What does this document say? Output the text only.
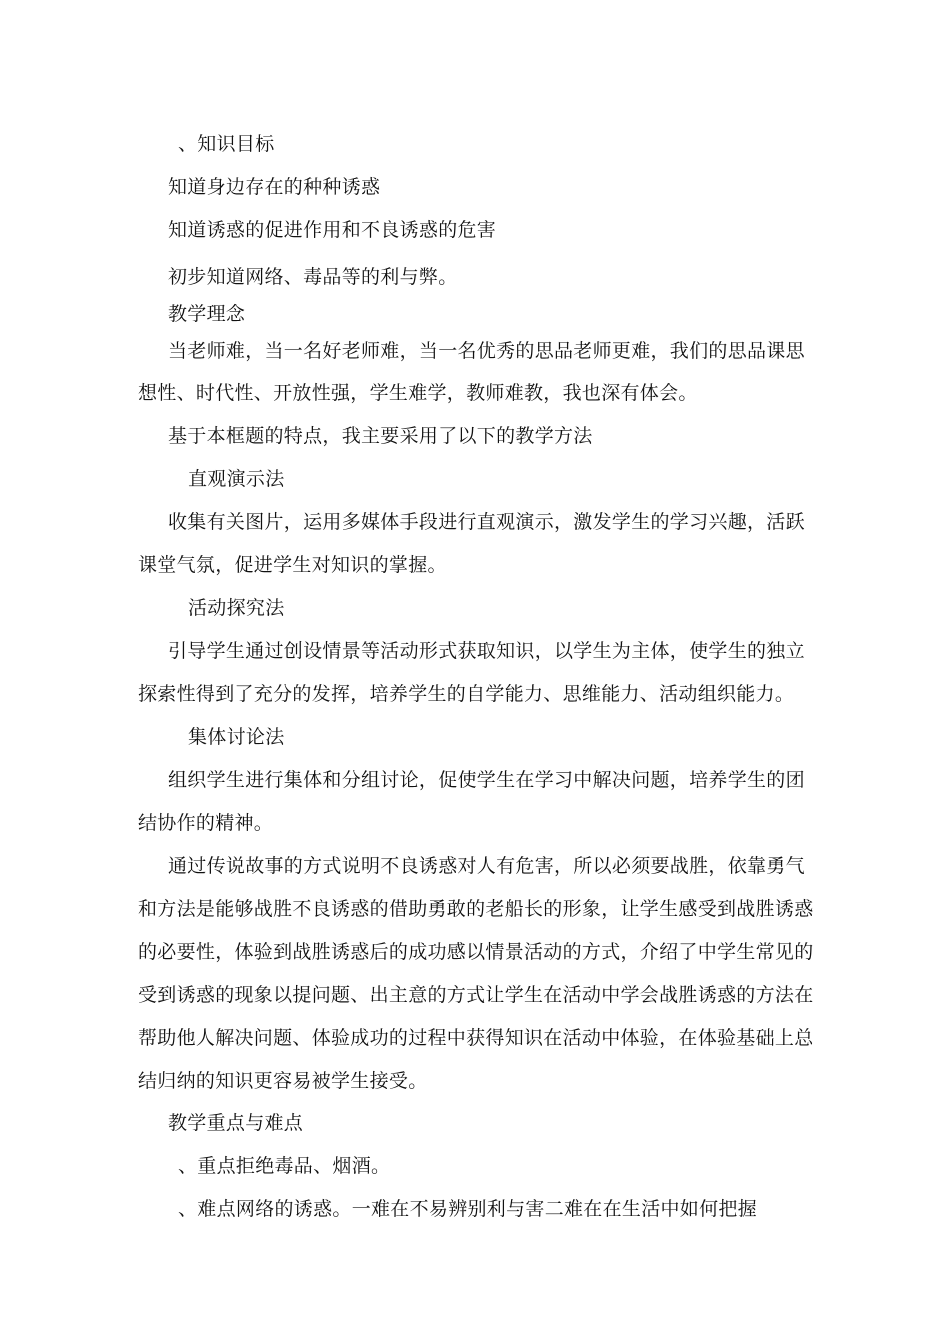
、知识目标
知道身边存在的种种诱惑
知道诱惑的促进作用和不良诱惑的危害
初步知道网络、毒品等的利与弊。
教学理念
当老师难，当一名好老师难，当一名优秀的思品老师更难，我们的思品课思
想性、时代性、开放性强，学生难学，教师难教，我也深有体会。
基于本框题的特点，我主要采用了以下的教学方法
直观演示法
收集有关图片，运用多媒体手段进行直观演示，激发学生的学习兴趣，活跃
课堂气氛，促进学生对知识的掌握。
活动探究法
引导学生通过创设情景等活动形式获取知识，以学生为主体，使学生的独立
探索性得到了充分的发挥，培养学生的自学能力、思维能力、活动组织能力。
集体讨论法
组织学生进行集体和分组讨论，促使学生在学习中解决问题，培养学生的团
结协作的精神。
通过传说故事的方式说明不良诱惑对人有危害，所以必须要战胜，依靠勇气
和方法是能够战胜不良诱惑的借助勇敢的老船长的形象，让学生感受到战胜诱惑
的必要性，体验到战胜诱惑后的成功感以情景活动的方式，介绍了中学生常见的
受到诱惑的现象以提问题、出主意的方式让学生在活动中学会战胜诱惑的方法在
帮助他人解决问题、体验成功的过程中获得知识在活动中体验，在体验基础上总
结归纳的知识更容易被学生接受。
教学重点与难点
、重点拒绝毒品、烟酒。
、难点网络的诱惑。一难在不易辨别利与害二难在在生活中如何把握
